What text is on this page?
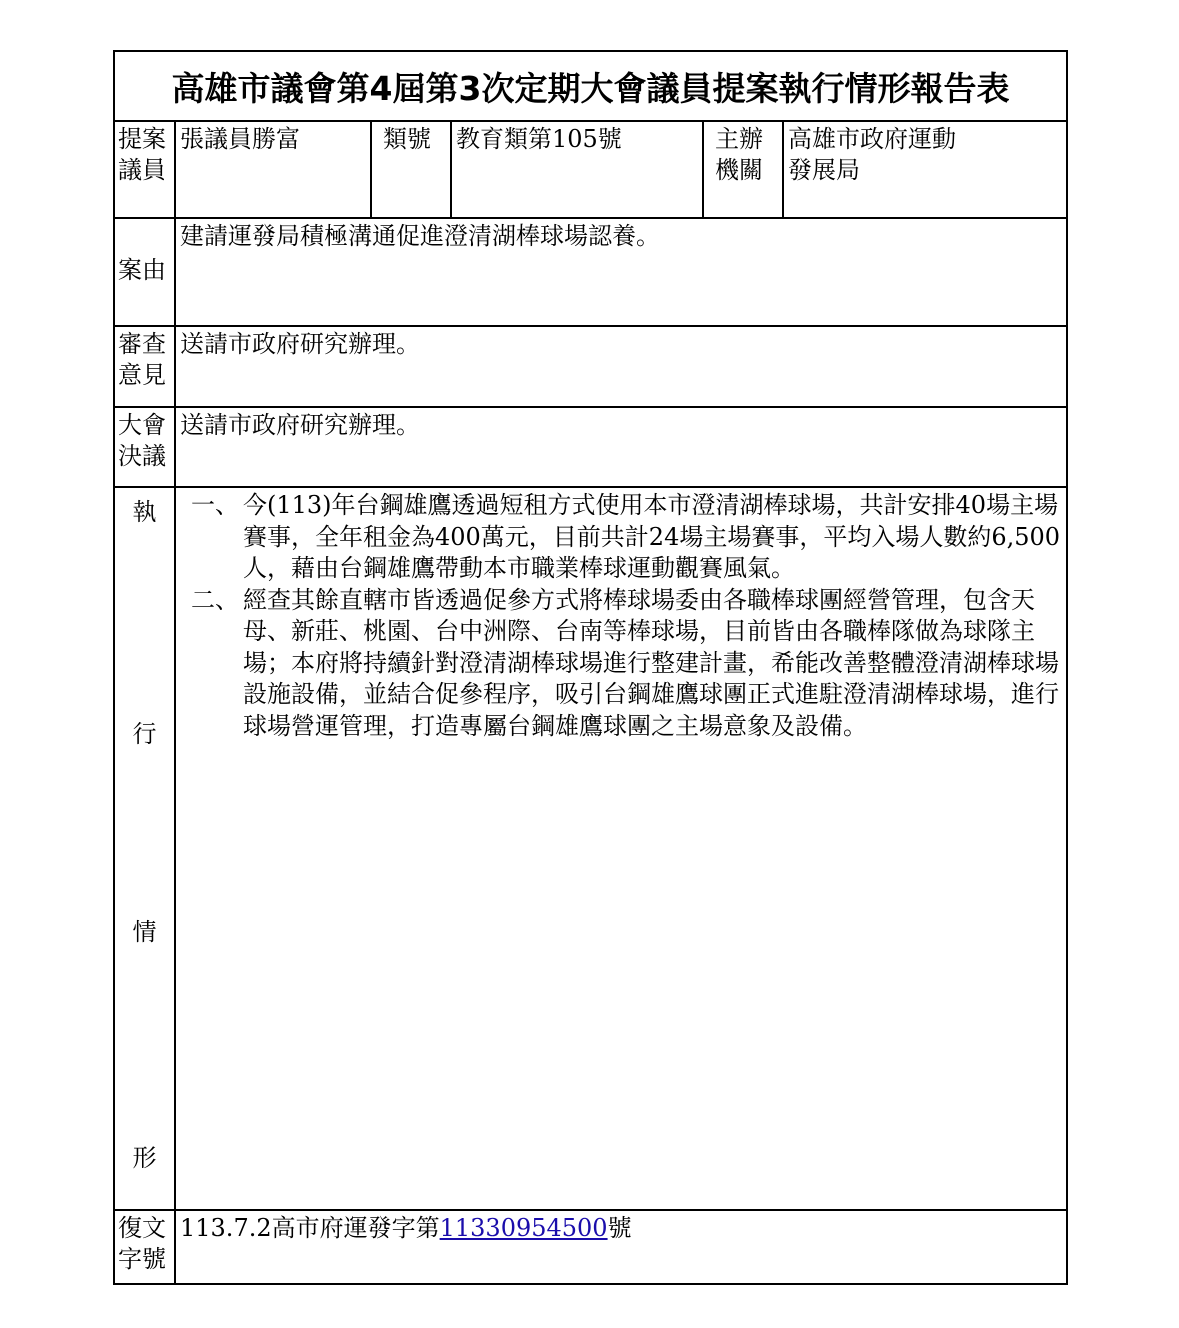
高雄市議會第4屆第3次定期大會議員提案執行情形報告表
提案
議員
張議員勝富	類號 教育類第105號	主辦
機關
高雄市政府運動
發展局
案由
建請運發局積極溝通促進澄清湖棒球場認養。
審查
意見
送請市政府研究辦理。
大會
決議
送請市政府研究辦理。
執
行
情
形
一、 今(113)年台鋼雄鷹透過短租方式使用本市澄清湖棒球場，共計安排40場主場賽事，全年租金為400萬元，目前共計24場主場賽事，平均入場人數約6,500人，藉由台鋼雄鷹帶動本市職業棒球運動觀賽風氣。
二、 經查其餘直轄市皆透過促參方式將棒球場委由各職棒球團經營管理，包含天母、新莊、桃園、台中洲際、台南等棒球場，目前皆由各職棒隊做為球隊主場；本府將持續針對澄清湖棒球場進行整建計畫，希能改善整體澄清湖棒球場設施設備，並結合促參程序，吸引台鋼雄鷹球團正式進駐澄清湖棒球場，進行球場營運管理，打造專屬台鋼雄鷹球團之主場意象及設備。
復文
字號
113.7.2高市府運發字第11330954500號
